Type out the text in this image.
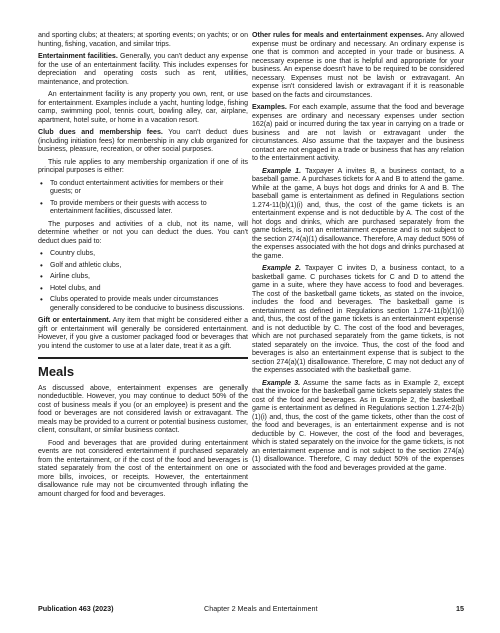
and sporting clubs; at theaters; at sporting events; on yachts; or on hunting, fishing, vacation, and similar trips.

Entertainment facilities. Generally, you can't deduct any expense for the use of an entertainment facility. This includes expenses for depreciation and operating costs such as rent, utilities, maintenance, and protection.

An entertainment facility is any property you own, rent, or use for entertainment. Examples include a yacht, hunting lodge, fishing camp, swimming pool, tennis court, bowling alley, car, airplane, apartment, hotel suite, or home in a vacation resort.

Club dues and membership fees. You can't deduct dues (including initiation fees) for membership in any club organized for business, pleasure, recreation, or other social purposes.

This rule applies to any membership organization if one of its principal purposes is either:

• To conduct entertainment activities for members or their guests; or
• To provide members or their guests with access to entertainment facilities, discussed later.

The purposes and activities of a club, not its name, will determine whether or not you can deduct the dues. You can't deduct dues paid to:

• Country clubs,
• Golf and athletic clubs,
• Airline clubs,
• Hotel clubs, and
• Clubs operated to provide meals under circumstances generally considered to be conducive to business discussions.

Gift or entertainment. Any item that might be considered either a gift or entertainment will generally be considered entertainment. However, if you give a customer packaged food or beverages that you intend the customer to use at a later date, treat it as a gift.

Meals

As discussed above, entertainment expenses are generally nondeductible. However, you may continue to deduct 50% of the cost of business meals if you (or an employee) is present and the food or beverages are not considered lavish or extravagant. The meals may be provided to a current or potential business customer, client, consultant, or similar business contact.

Food and beverages that are provided during entertainment events are not considered entertainment if purchased separately from the entertainment, or if the cost of the food and beverages is stated separately from the cost of the entertainment on one or more bills, invoices, or receipts. However, the entertainment disallowance rule may not be circumvented through inflating the amount charged for food and beverages.

Other rules for meals and entertainment expenses. Any allowed expense must be ordinary and necessary. An ordinary expense is one that is common and accepted in your trade or business. A necessary expense is one that is helpful and appropriate for your business. An expense doesn't have to be required to be considered necessary. Expenses must not be lavish or extravagant. An expense isn't considered lavish or extravagant if it is reasonable based on the facts and circumstances.

Examples. For each example, assume that the food and beverage expenses are ordinary and necessary expenses under section 162(a) paid or incurred during the tax year in carrying on a trade or business and are not lavish or extravagant under the circumstances. Also assume that the taxpayer and the business contact are not engaged in a trade or business that has any relation to the entertainment activity.

Example 1. Taxpayer A invites B, a business contact, to a baseball game. A purchases tickets for A and B to attend the game. While at the game, A buys hot dogs and drinks for A and B. The baseball game is entertainment as defined in Regulations section 1.274-11(b)(1)(i) and, thus, the cost of the game tickets is an entertainment expense and is not deductible by A. The cost of the hot dogs and drinks, which are purchased separately from the game tickets, is not an entertainment expense and is not subject to the section 274(a)(1) disallowance. Therefore, A may deduct 50% of the expenses associated with the hot dogs and drinks purchased at the game.

Example 2. Taxpayer C invites D, a business contact, to a basketball game. C purchases tickets for C and D to attend the game in a suite, where they have access to food and beverages. The cost of the basketball game tickets, as stated on the invoice, includes the food and beverages. The basketball game is entertainment as defined in Regulations section 1.274-11(b)(1)(i) and, thus, the cost of the game tickets is an entertainment expense and is not deductible by C. The cost of the food and beverages, which are not purchased separately from the game tickets, is not stated separately on the invoice. Thus, the cost of the food and beverages is also an entertainment expense that is subject to the section 274(a)(1) disallowance. Therefore, C may not deduct any of the expenses associated with the basketball game.

Example 3. Assume the same facts as in Example 2, except that the invoice for the basketball game tickets separately states the cost of the food and beverages. As in Example 2, the basketball game is entertainment as defined in Regulations section 1.274-2(b)(1)(i) and, thus, the cost of the game tickets, other than the cost of the food and beverages, is an entertainment expense and is not deductible by C. However, the cost of the food and beverages, which is stated separately on the invoice for the game tickets, is not an entertainment expense and is not subject to the section 274(a)(1) disallowance. Therefore, C may deduct 50% of the expenses associated with the food and beverages provided at the game.

Publication 463 (2023)	Chapter 2 Meals and Entertainment	15
